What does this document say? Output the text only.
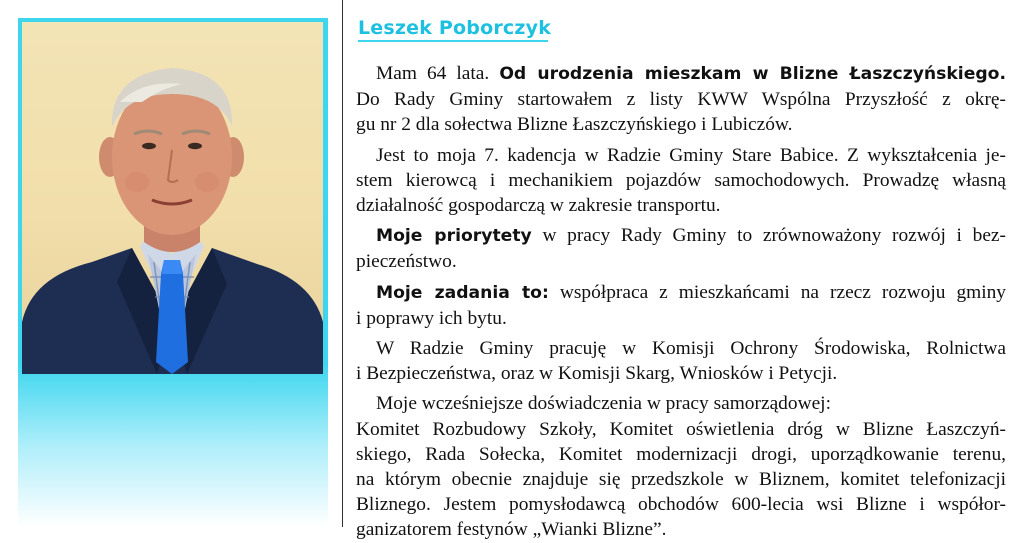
Leszek Poborczyk

Mam 64 lata. Od urodzenia mieszkam w Blizne Łaszczyńskiego.
Do Rady Gminy startowałem z listy KWW Wspólna Przyszłość z okrę-
gu nr 2 dla sołectwa Blizne Łaszczyńskiego i Lubiczów.

Jest to moja 7. kadencja w Radzie Gminy Stare Babice. Z wykształcenia je-
stem kierowcą i mechanikiem pojazdów samochodowych. Prowadzę własną
działalność gospodarczą w zakresie transportu.

Moje priorytety w pracy Rady Gminy to zrównoważony rozwój i bez-
pieczeństwo.

Moje zadania to: współpraca z mieszkańcami na rzecz rozwoju gminy
i poprawy ich bytu.

W Radzie Gminy pracuję w Komisji Ochrony Środowiska, Rolnictwa
i Bezpieczeństwa, oraz w Komisji Skarg, Wniosków i Petycji.

Moje wcześniejsze doświadczenia w pracy samorządowej:

Komitet Rozbudowy Szkoły, Komitet oświetlenia dróg w Blizne Łaszczyń-
skiego, Rada Sołecka, Komitet modernizacji drogi, uporządkowanie terenu,
na którym obecnie znajduje się przedszkole w Bliznem, komitet telefonizacji
Bliznego. Jestem pomysłodawcą obchodów 600-lecia wsi Blizne i współor-
ganizatorem festynów „Wianki Blizne”.
